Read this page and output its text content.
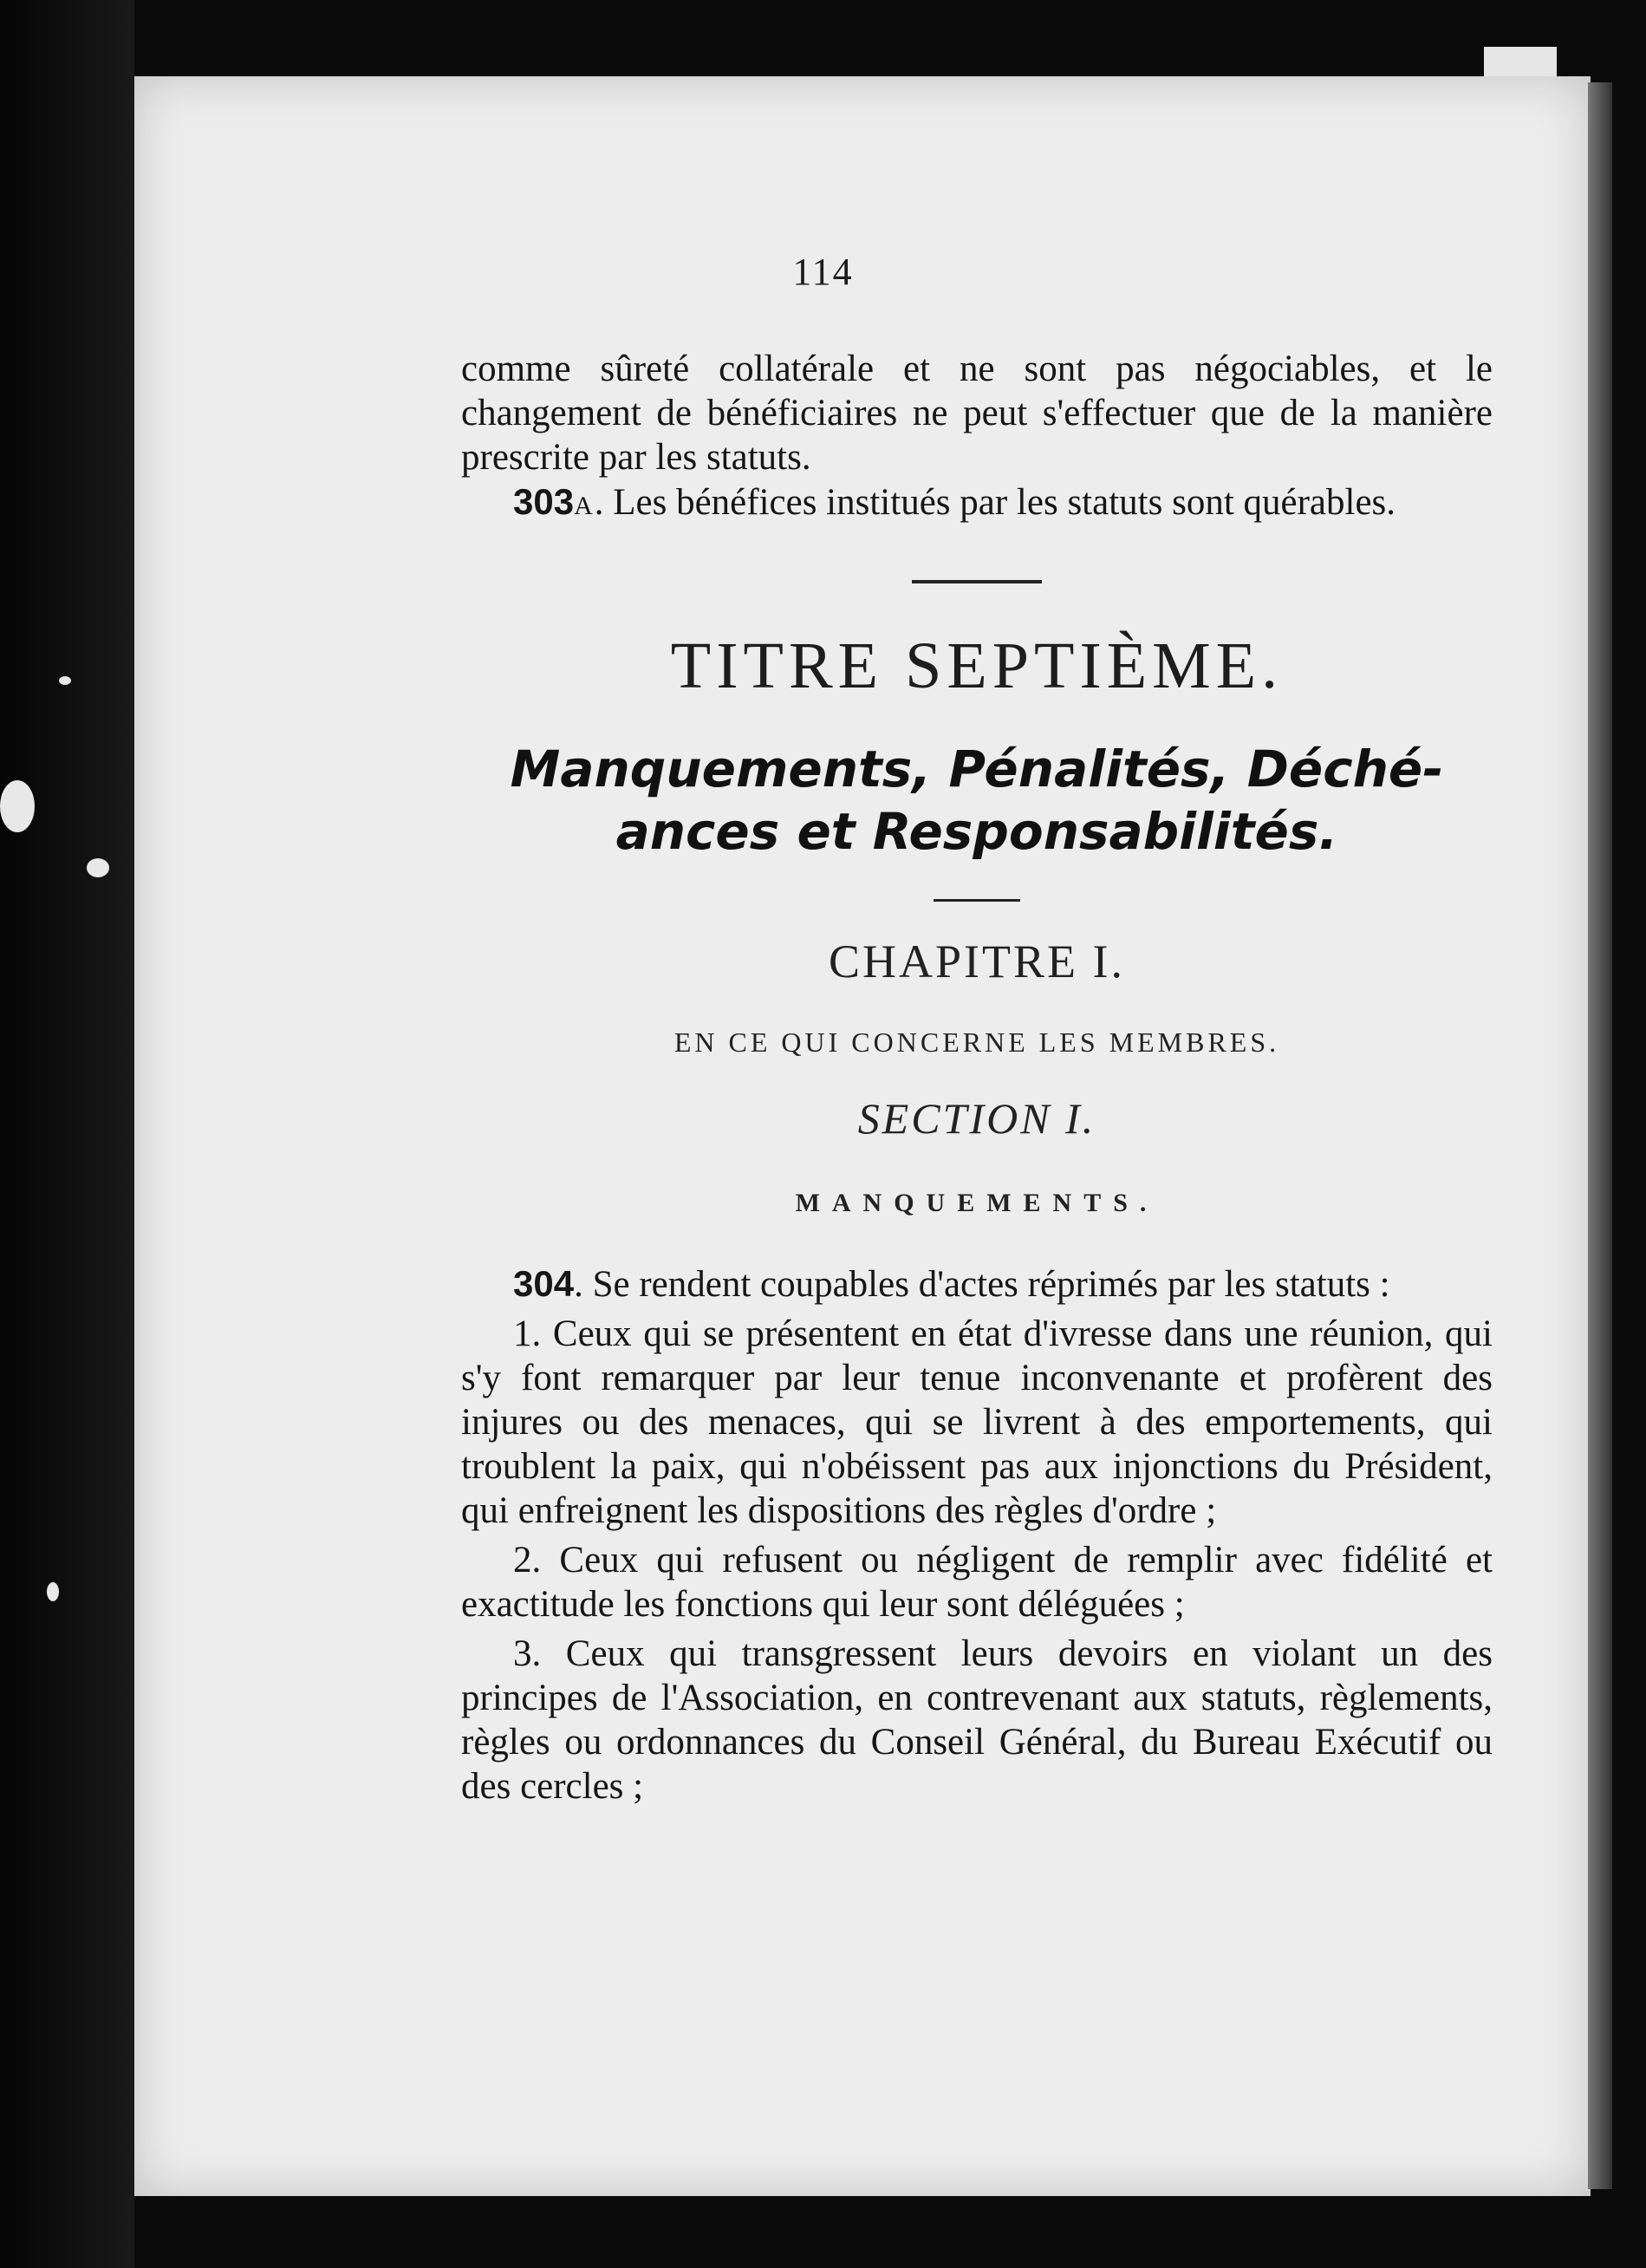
114

comme sûreté collatérale et ne sont pas négociables, et le changement de bénéficiaires ne peut s'effectuer que de la manière prescrite par les statuts.

303A. Les bénéfices institués par les statuts sont quérables.

TITRE SEPTIÈME.

Manquements, Pénalités, Déché-

ances et Responsabilités.

CHAPITRE I.

EN CE QUI CONCERNE LES MEMBRES.

SECTION I.

MANQUEMENTS.

304. Se rendent coupables d'actes réprimés par les statuts :

1. Ceux qui se présentent en état d'ivresse dans une réunion, qui s'y font remarquer par leur tenue inconvenante et profèrent des injures ou des menaces, qui se livrent à des emportements, qui troublent la paix, qui n'obéissent pas aux injonctions du Président, qui enfreignent les dispositions des règles d'ordre ;

2. Ceux qui refusent ou négligent de remplir avec fidélité et exactitude les fonctions qui leur sont déléguées ;

3. Ceux qui transgressent leurs devoirs en violant un des principes de l'Association, en contrevenant aux statuts, règlements, règles ou ordonnances du Conseil Général, du Bureau Exécutif ou des cercles ;
